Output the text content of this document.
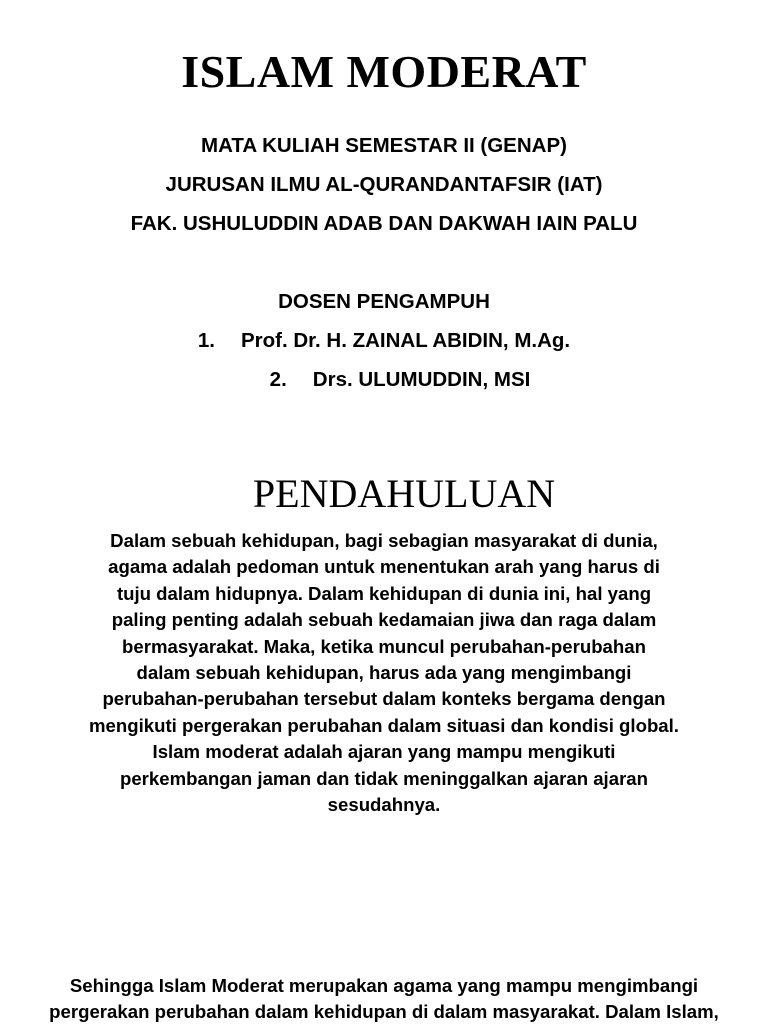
ISLAM MODERAT
MATA KULIAH SEMESTAR II (GENAP)
JURUSAN ILMU AL-QURANDANTAFSIR (IAT)
FAK. USHULUDDIN ADAB DAN DAKWAH IAIN PALU
DOSEN PENGAMPUH
1. Prof. Dr. H. ZAINAL ABIDIN, M.Ag.
2. Drs. ULUMUDDIN, MSI
PENDAHULUAN
Dalam sebuah kehidupan, bagi sebagian masyarakat di dunia,
agama adalah pedoman untuk menentukan arah yang harus di
tuju dalam hidupnya. Dalam kehidupan di dunia ini, hal yang
paling penting adalah sebuah kedamaian jiwa dan raga dalam
bermasyarakat. Maka, ketika muncul perubahan-perubahan
dalam sebuah kehidupan, harus ada yang mengimbangi
perubahan-perubahan tersebut dalam konteks bergama dengan
mengikuti pergerakan perubahan dalam situasi dan kondisi global.
Islam moderat adalah ajaran yang mampu mengikuti
perkembangan jaman dan tidak meninggalkan ajaran ajaran
sesudahnya.
Sehingga Islam Moderat merupakan agama yang mampu mengimbangi
pergerakan perubahan dalam kehidupan di dalam masyarakat. Dalam Islam,
